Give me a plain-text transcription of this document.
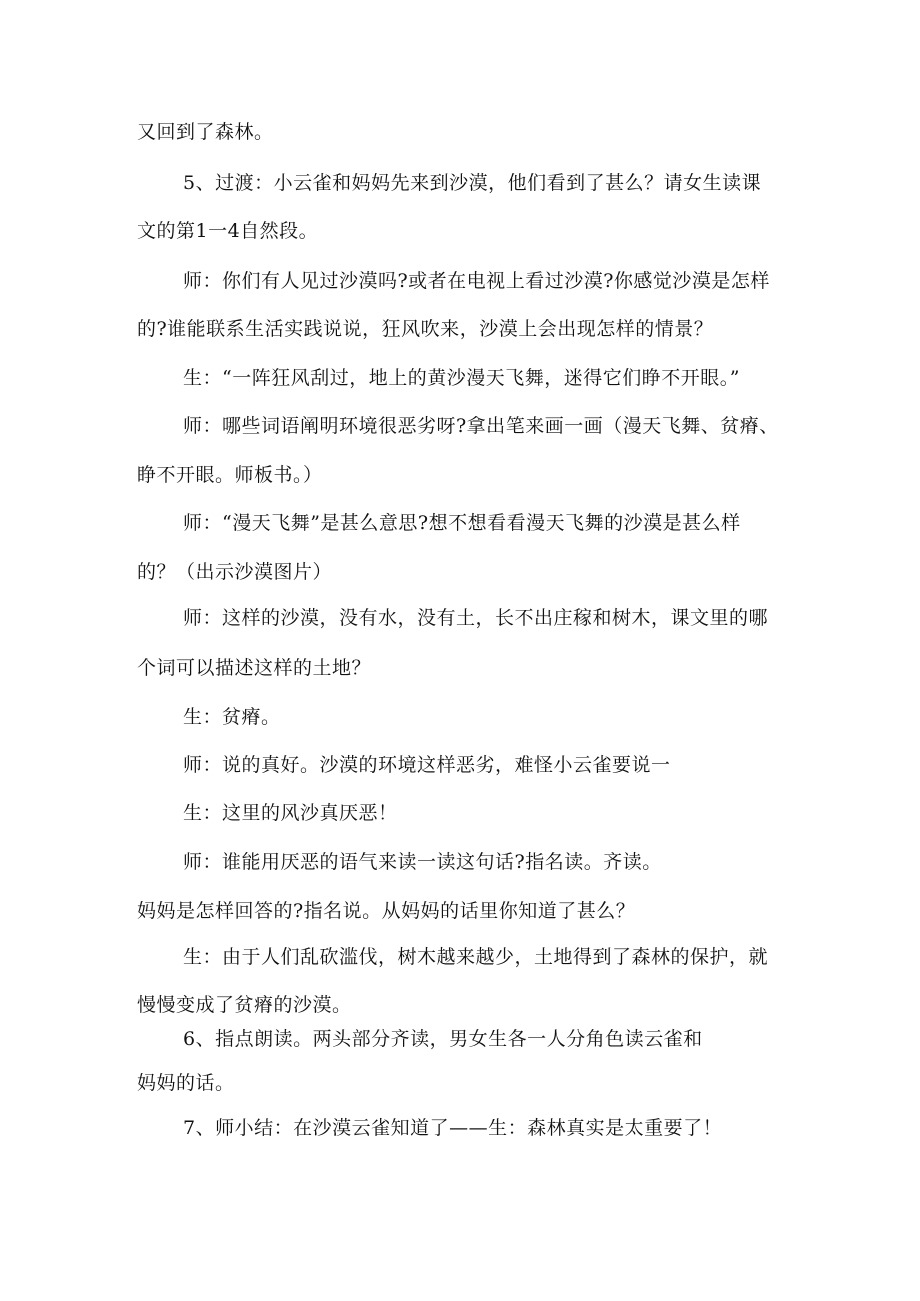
又回到了森林。
5、过渡：小云雀和妈妈先来到沙漠，他们看到了甚么？请女生读课
文的第1一4自然段。
师：你们有人见过沙漠吗?或者在电视上看过沙漠?你感觉沙漠是怎样
的?谁能联系生活实践说说，狂风吹来，沙漠上会出现怎样的情景？
生：“一阵狂风刮过，地上的黄沙漫天飞舞，迷得它们睁不开眼。”
师：哪些词语阐明环境很恶劣呀?拿出笔来画一画（漫天飞舞、贫瘠、
睁不开眼。师板书。）
师：“漫天飞舞”是甚么意思?想不想看看漫天飞舞的沙漠是甚么样
的？（出示沙漠图片）
师：这样的沙漠，没有水，没有土，长不出庄稼和树木，课文里的哪
个词可以描述这样的土地？
生：贫瘠。
师：说的真好。沙漠的环境这样恶劣，难怪小云雀要说一
生：这里的风沙真厌恶！
师：谁能用厌恶的语气来读一读这句话?指名读。齐读。
妈妈是怎样回答的?指名说。从妈妈的话里你知道了甚么？
生：由于人们乱砍滥伐，树木越来越少，土地得到了森林的保护，就
慢慢变成了贫瘠的沙漠。
6、指点朗读。两头部分齐读，男女生各一人分角色读云雀和
妈妈的话。
7、师小结：在沙漠云雀知道了——生：森林真实是太重要了！
